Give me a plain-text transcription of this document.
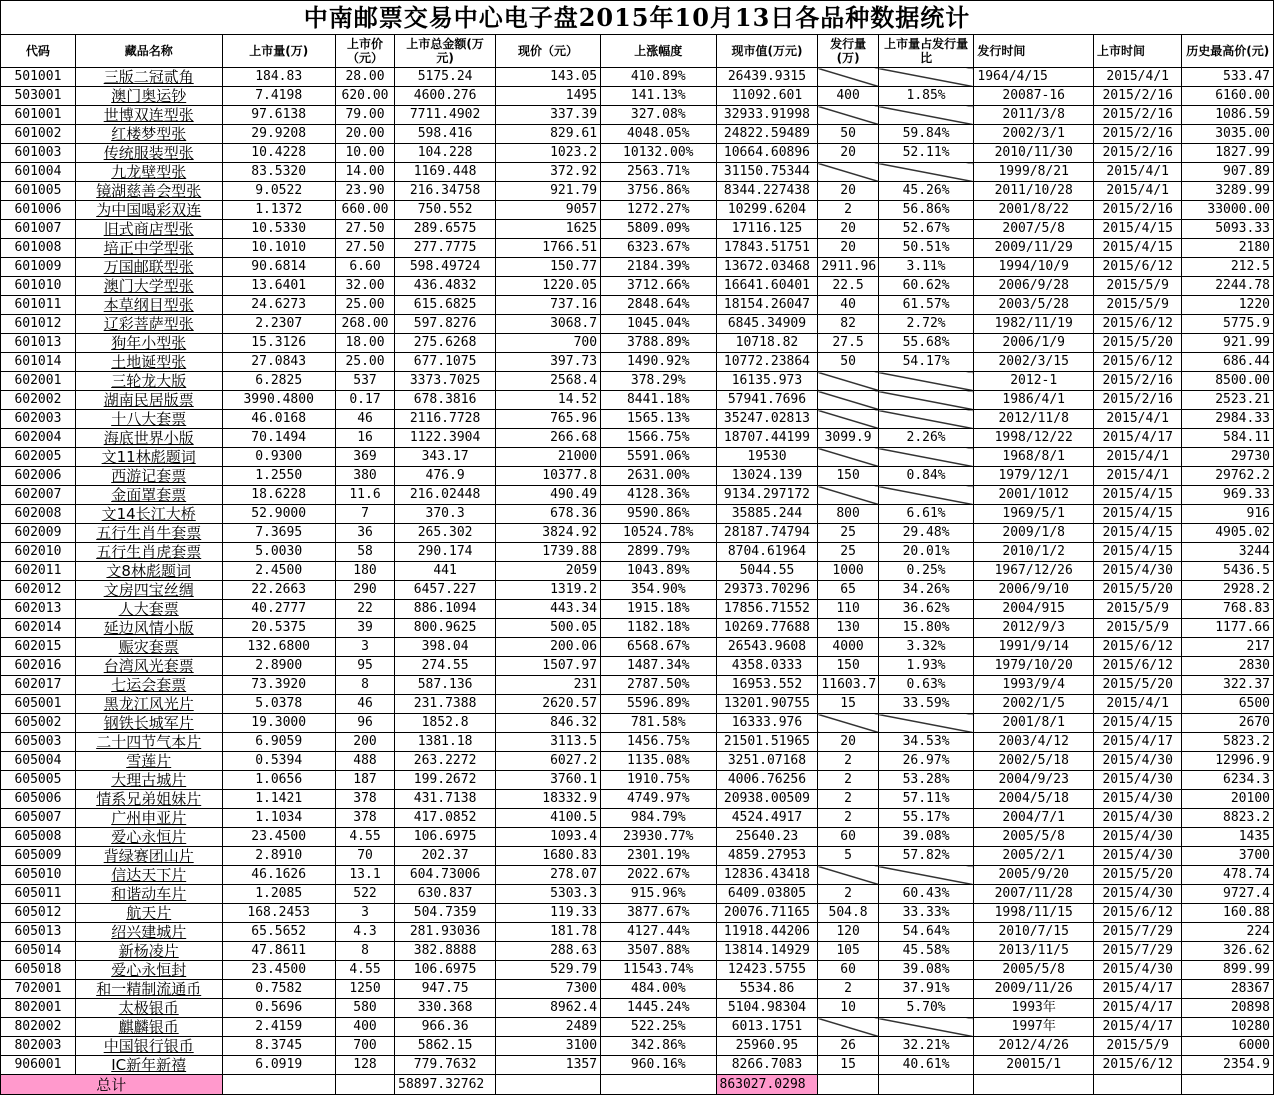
中南邮票交易中心电子盘2015年10月13日各品种数据统计
代码	藏品名称	上市量(万)	上市价（元）	上市总金额(万元)	现价（元）	上涨幅度	现市值(万元)	发行量(万)	上市量占发行量比	发行时间	上市时间	历史最高价(元)
501001	三版二冠贰角	184.83	28.00	5175.24	143.05	410.89%	26439.9315			1964/4/15	2015/4/1	533.47
503001	澳门奥运钞	7.4198	620.00	4600.276	1495	141.13%	11092.601	400	1.85%	20087-16	2015/2/16	6160.00
601001	世博双连型张	97.6138	79.00	7711.4902	337.39	327.08%	32933.91998			2011/3/8	2015/2/16	1086.59
601002	红楼梦型张	29.9208	20.00	598.416	829.61	4048.05%	24822.59489	50	59.84%	2002/3/1	2015/2/16	3035.00
601003	传统服装型张	10.4228	10.00	104.228	1023.2	10132.00%	10664.60896	20	52.11%	2010/11/30	2015/2/16	1827.99
601004	九龙壁型张	83.5320	14.00	1169.448	372.92	2563.71%	31150.75344			1999/8/21	2015/4/1	907.89
601005	镜湖慈善会型张	9.0522	23.90	216.34758	921.79	3756.86%	8344.227438	20	45.26%	2011/10/28	2015/4/1	3289.99
601006	为中国喝彩双连	1.1372	660.00	750.552	9057	1272.27%	10299.6204	2	56.86%	2001/8/22	2015/2/16	33000.00
601007	旧式商店型张	10.5330	27.50	289.6575	1625	5809.09%	17116.125	20	52.67%	2007/5/8	2015/4/15	5093.33
601008	培正中学型张	10.1010	27.50	277.7775	1766.51	6323.67%	17843.51751	20	50.51%	2009/11/29	2015/4/15	2180
601009	万国邮联型张	90.6814	6.60	598.49724	150.77	2184.39%	13672.03468	2911.96	3.11%	1994/10/9	2015/6/12	212.5
601010	澳门大学型张	13.6401	32.00	436.4832	1220.05	3712.66%	16641.60401	22.5	60.62%	2006/9/28	2015/5/9	2244.78
601011	本草纲目型张	24.6273	25.00	615.6825	737.16	2848.64%	18154.26047	40	61.57%	2003/5/28	2015/5/9	1220
601012	辽彩菩萨型张	2.2307	268.00	597.8276	3068.7	1045.04%	6845.34909	82	2.72%	1982/11/19	2015/6/12	5775.9
601013	狗年小型张	15.3126	18.00	275.6268	700	3788.89%	10718.82	27.5	55.68%	2006/1/9	2015/5/20	921.99
601014	土地诞型张	27.0843	25.00	677.1075	397.73	1490.92%	10772.23864	50	54.17%	2002/3/15	2015/6/12	686.44
602001	三轮龙大版	6.2825	537	3373.7025	2568.4	378.29%	16135.973			2012-1	2015/2/16	8500.00
602002	湖南民居版票	3990.4800	0.17	678.3816	14.52	8441.18%	57941.7696			1986/4/1	2015/2/16	2523.21
602003	十八大套票	46.0168	46	2116.7728	765.96	1565.13%	35247.02813			2012/11/8	2015/4/1	2984.33
602004	海底世界小版	70.1494	16	1122.3904	266.68	1566.75%	18707.44199	3099.9	2.26%	1998/12/22	2015/4/17	584.11
602005	文11林彪题词	0.9300	369	343.17	21000	5591.06%	19530			1968/8/1	2015/4/1	29730
602006	西游记套票	1.2550	380	476.9	10377.8	2631.00%	13024.139	150	0.84%	1979/12/1	2015/4/1	29762.2
602007	金面罩套票	18.6228	11.6	216.02448	490.49	4128.36%	9134.297172			2001/1012	2015/4/15	969.33
602008	文14长江大桥	52.9000	7	370.3	678.36	9590.86%	35885.244	800	6.61%	1969/5/1	2015/4/15	916
602009	五行生肖牛套票	7.3695	36	265.302	3824.92	10524.78%	28187.74794	25	29.48%	2009/1/8	2015/4/15	4905.02
602010	五行生肖虎套票	5.0030	58	290.174	1739.88	2899.79%	8704.61964	25	20.01%	2010/1/2	2015/4/15	3244
602011	文8林彪题词	2.4500	180	441	2059	1043.89%	5044.55	1000	0.25%	1967/12/26	2015/4/30	5436.5
602012	文房四宝丝绸	22.2663	290	6457.227	1319.2	354.90%	29373.70296	65	34.26%	2006/9/10	2015/5/20	2928.2
602013	人大套票	40.2777	22	886.1094	443.34	1915.18%	17856.71552	110	36.62%	2004/915	2015/5/9	768.83
602014	延边风情小版	20.5375	39	800.9625	500.05	1182.18%	10269.77688	130	15.80%	2012/9/3	2015/5/9	1177.66
602015	赈灾套票	132.6800	3	398.04	200.06	6568.67%	26543.9608	4000	3.32%	1991/9/14	2015/6/12	217
602016	台湾风光套票	2.8900	95	274.55	1507.97	1487.34%	4358.0333	150	1.93%	1979/10/20	2015/6/12	2830
602017	七运会套票	73.3920	8	587.136	231	2787.50%	16953.552	11603.7	0.63%	1993/9/4	2015/5/20	322.37
605001	黑龙江风光片	5.0378	46	231.7388	2620.57	5596.89%	13201.90755	15	33.59%	2002/1/5	2015/4/1	6500
605002	钢铁长城军片	19.3000	96	1852.8	846.32	781.58%	16333.976			2001/8/1	2015/4/15	2670
605003	二十四节气本片	6.9059	200	1381.18	3113.5	1456.75%	21501.51965	20	34.53%	2003/4/12	2015/4/17	5823.2
605004	雪莲片	0.5394	488	263.2272	6027.2	1135.08%	3251.07168	2	26.97%	2002/5/18	2015/4/30	12996.9
605005	大理古城片	1.0656	187	199.2672	3760.1	1910.75%	4006.76256	2	53.28%	2004/9/23	2015/4/30	6234.3
605006	情系兄弟姐妹片	1.1421	378	431.7138	18332.9	4749.97%	20938.00509	2	57.11%	2004/5/18	2015/4/30	20100
605007	广州申亚片	1.1034	378	417.0852	4100.5	984.79%	4524.4917	2	55.17%	2004/7/1	2015/4/30	8823.2
605008	爱心永恒片	23.4500	4.55	106.6975	1093.4	23930.77%	25640.23	60	39.08%	2005/5/8	2015/4/30	1435
605009	背绿赛团山片	2.8910	70	202.37	1680.83	2301.19%	4859.27953	5	57.82%	2005/2/1	2015/4/30	3700
605010	信达天下片	46.1626	13.1	604.73006	278.07	2022.67%	12836.43418			2005/9/20	2015/5/20	478.74
605011	和谐动车片	1.2085	522	630.837	5303.3	915.96%	6409.03805	2	60.43%	2007/11/28	2015/4/30	9727.4
605012	航天片	168.2453	3	504.7359	119.33	3877.67%	20076.71165	504.8	33.33%	1998/11/15	2015/6/12	160.88
605013	绍兴建城片	65.5652	4.3	281.93036	181.78	4127.44%	11918.44206	120	54.64%	2010/7/15	2015/7/29	224
605014	新杨凌片	47.8611	8	382.8888	288.63	3507.88%	13814.14929	105	45.58%	2013/11/5	2015/7/29	326.62
605018	爱心永恒封	23.4500	4.55	106.6975	529.79	11543.74%	12423.5755	60	39.08%	2005/5/8	2015/4/30	899.99
702001	和一精制流通币	0.7582	1250	947.75	7300	484.00%	5534.86	2	37.91%	2009/11/26	2015/4/17	28367
802001	太极银币	0.5696	580	330.368	8962.4	1445.24%	5104.98304	10	5.70%	1993年	2015/4/17	20898
802002	麒麟银币	2.4159	400	966.36	2489	522.25%	6013.1751			1997年	2015/4/17	10280
802003	中国银行银币	8.3745	700	5862.15	3100	342.86%	25960.95	26	32.21%	2012/4/26	2015/5/9	6000
906001	IC新年新禧	6.0919	128	779.7632	1357	960.16%	8266.7083	15	40.61%	20015/1	2015/6/12	2354.9
总计				58897.32762			863027.0298					
